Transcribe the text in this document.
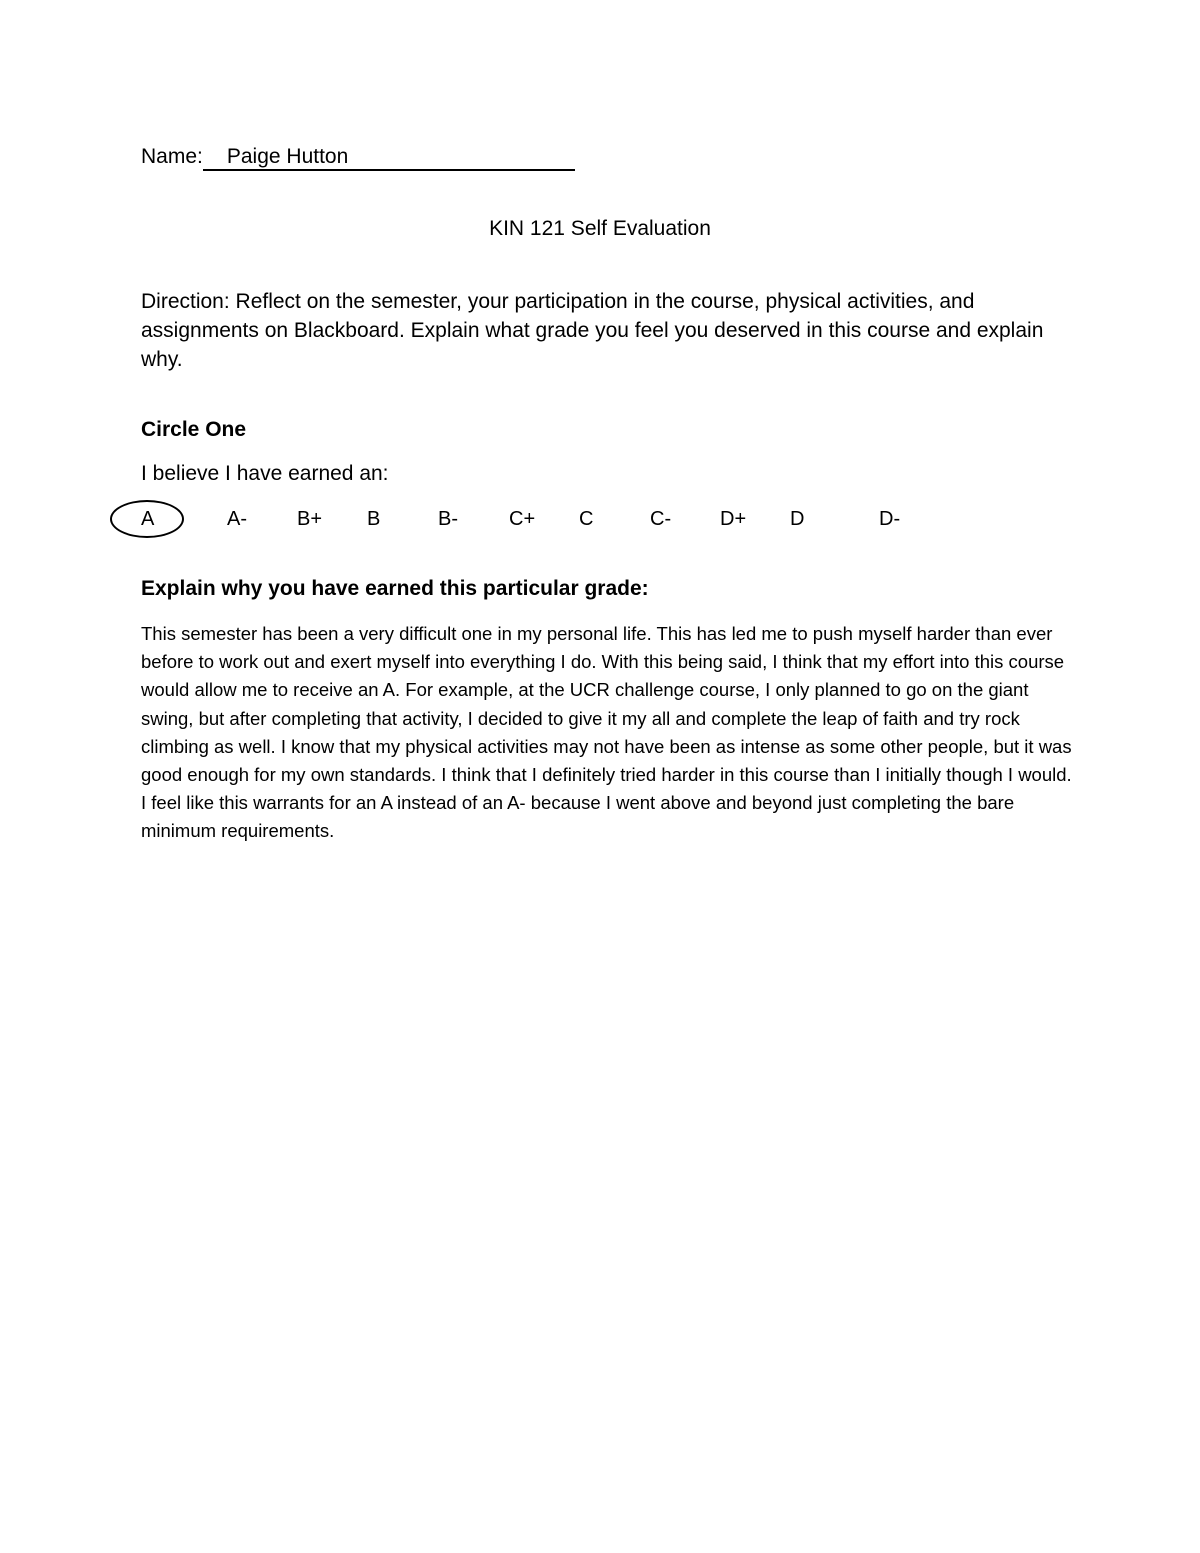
Name: Paige Hutton
KIN 121 Self Evaluation
Direction: Reflect on the semester, your participation in the course, physical activities, and assignments on Blackboard. Explain what grade you feel you deserved in this course and explain why.
Circle One
I believe I have earned an:
A	A-	B+ B	B-	C+ C	C- D+ D	D-
Explain why you have earned this particular grade:
This semester has been a very difficult one in my personal life. This has led me to push myself harder than ever before to work out and exert myself into everything I do. With this being said, I think that my effort into this course would allow me to receive an A. For example, at the UCR challenge course, I only planned to go on the giant swing, but after completing that activity, I decided to give it my all and complete the leap of faith and try rock climbing as well. I know that my physical activities may not have been as intense as some other people, but it was good enough for my own standards. I think that I definitely tried harder in this course than I initially though I would. I feel like this warrants for an A instead of an A- because I went above and beyond just completing the bare minimum requirements.
